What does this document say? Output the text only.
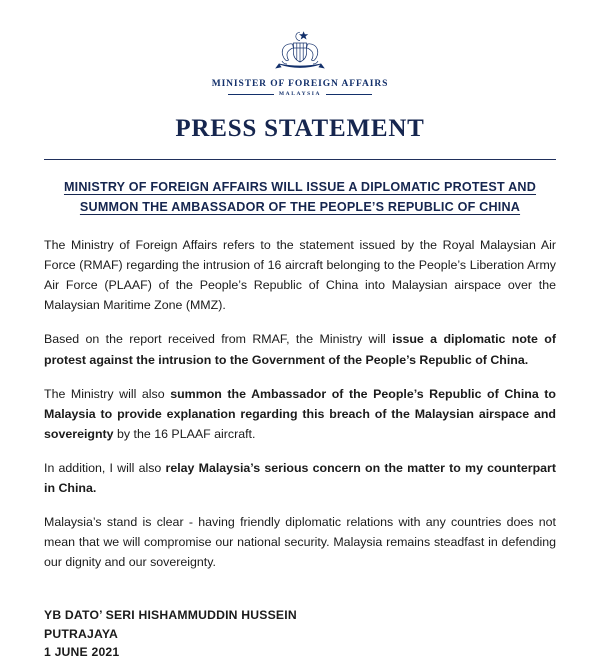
MINISTER OF FOREIGN AFFAIRS
MALAYSIA
PRESS STATEMENT
MINISTRY OF FOREIGN AFFAIRS WILL ISSUE A DIPLOMATIC PROTEST AND SUMMON THE AMBASSADOR OF THE PEOPLE’S REPUBLIC OF CHINA

The Ministry of Foreign Affairs refers to the statement issued by the Royal Malaysian Air Force (RMAF) regarding the intrusion of 16 aircraft belonging to the People’s Liberation Army Air Force (PLAAF) of the People’s Republic of China into Malaysian airspace over the Malaysian Maritime Zone (MMZ).

Based on the report received from RMAF, the Ministry will issue a diplomatic note of protest against the intrusion to the Government of the People’s Republic of China.

The Ministry will also summon the Ambassador of the People’s Republic of China to Malaysia to provide explanation regarding this breach of the Malaysian airspace and sovereignty by the 16 PLAAF aircraft.

In addition, I will also relay Malaysia’s serious concern on the matter to my counterpart in China.

Malaysia’s stand is clear - having friendly diplomatic relations with any countries does not mean that we will compromise our national security. Malaysia remains steadfast in defending our dignity and our sovereignty.

YB DATO’ SERI HISHAMMUDDIN HUSSEIN
PUTRAJAYA
1 JUNE 2021
